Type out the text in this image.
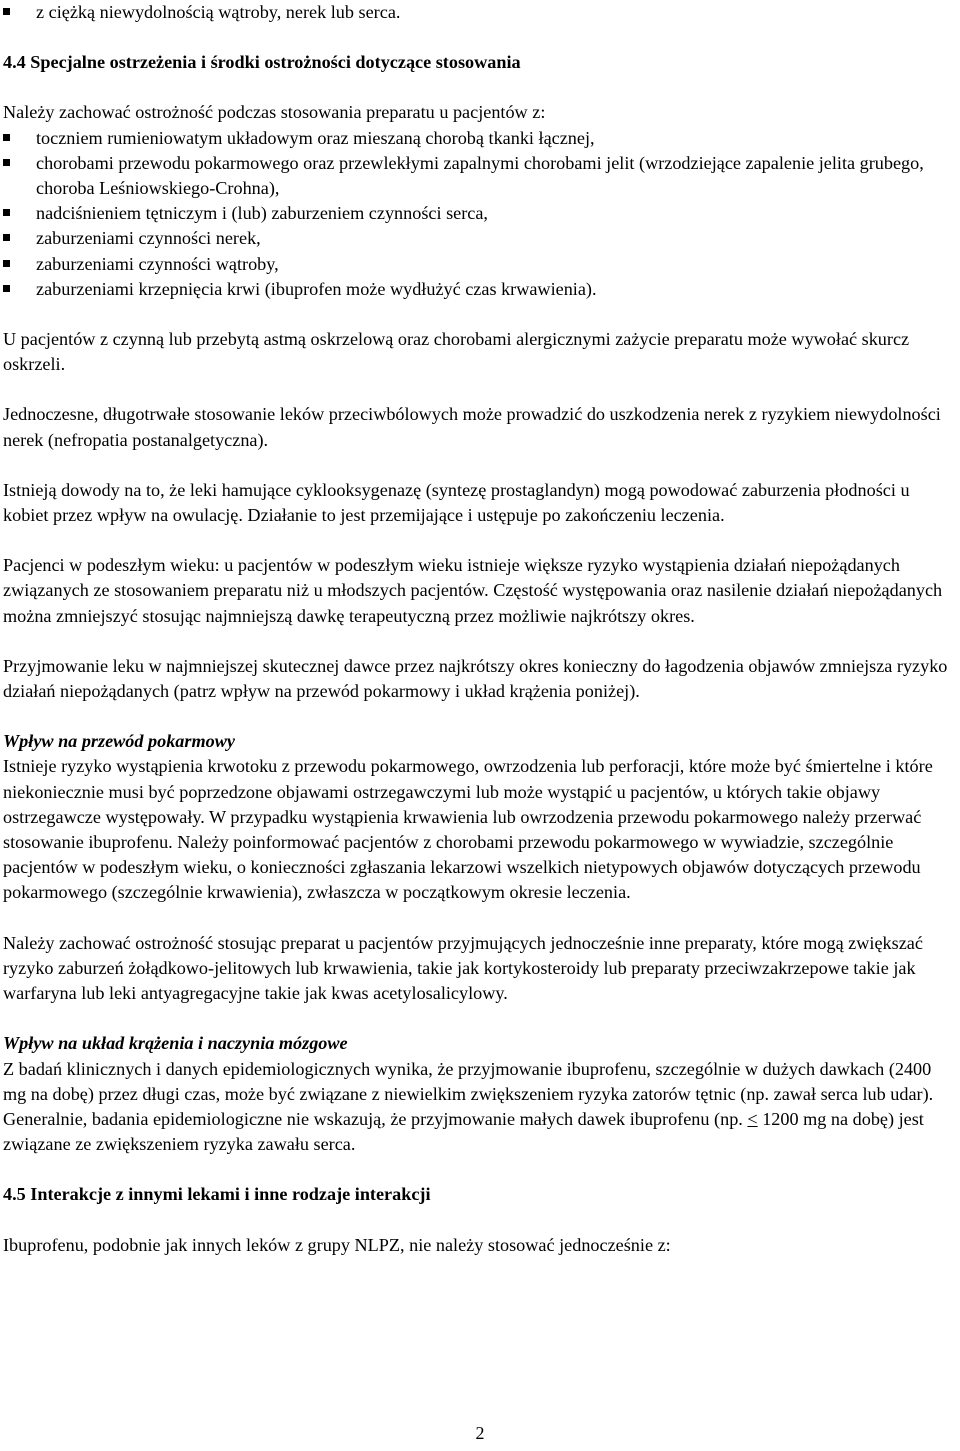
z ciężką niewydolnością wątroby, nerek lub serca.

4.4 Specjalne ostrzeżenia i środki ostrożności dotyczące stosowania

Należy zachować ostrożność podczas stosowania preparatu u pacjentów z:

toczniem rumieniowatym układowym oraz mieszaną chorobą tkanki łącznej,
chorobami przewodu pokarmowego oraz przewlekłymi zapalnymi chorobami jelit (wrzodziejące zapalenie jelita grubego, choroba Leśniowskiego-Crohna),
nadciśnieniem tętniczym i (lub) zaburzeniem czynności serca,
zaburzeniami czynności nerek,
zaburzeniami czynności wątroby,
zaburzeniami krzepnięcia krwi (ibuprofen może wydłużyć czas krwawienia).

U pacjentów z czynną lub przebytą astmą oskrzelową oraz chorobami alergicznymi zażycie preparatu może wywołać skurcz oskrzeli.

Jednoczesne, długotrwałe stosowanie leków przeciwbólowych może prowadzić do uszkodzenia nerek z ryzykiem niewydolności nerek (nefropatia postanalgetyczna).

Istnieją dowody na to, że leki hamujące cyklooksygenazę (syntezę prostaglandyn) mogą powodować zaburzenia płodności u kobiet przez wpływ na owulację. Działanie to jest przemijające i ustępuje po zakończeniu leczenia.

Pacjenci w podeszłym wieku: u pacjentów w podeszłym wieku istnieje większe ryzyko wystąpienia działań niepożądanych związanych ze stosowaniem preparatu niż u młodszych pacjentów. Częstość występowania oraz nasilenie działań niepożądanych można zmniejszyć stosując najmniejszą dawkę terapeutyczną przez możliwie najkrótszy okres.

Przyjmowanie leku w najmniejszej skutecznej dawce przez najkrótszy okres konieczny do łagodzenia objawów zmniejsza ryzyko działań niepożądanych (patrz wpływ na przewód pokarmowy i układ krążenia poniżej).

Wpływ na przewód pokarmowy

Istnieje ryzyko wystąpienia krwotoku z przewodu pokarmowego, owrzodzenia lub perforacji, które może być śmiertelne i które niekoniecznie musi być poprzedzone objawami ostrzegawczymi lub może wystąpić u pacjentów, u których takie objawy ostrzegawcze występowały. W przypadku wystąpienia krwawienia lub owrzodzenia przewodu pokarmowego należy przerwać stosowanie ibuprofenu. Należy poinformować pacjentów z chorobami przewodu pokarmowego w wywiadzie, szczególnie pacjentów w podeszłym wieku, o konieczności zgłaszania lekarzowi wszelkich nietypowych objawów dotyczących przewodu pokarmowego (szczególnie krwawienia), zwłaszcza w początkowym okresie leczenia.

Należy zachować ostrożność stosując preparat u pacjentów przyjmujących jednocześnie inne preparaty, które mogą zwiększać ryzyko zaburzeń żołądkowo-jelitowych lub krwawienia, takie jak kortykosteroidy lub preparaty przeciwzakrzepowe takie jak warfaryna lub leki antyagregacyjne takie jak kwas acetylosalicylowy.

Wpływ na układ krążenia i naczynia mózgowe

Z badań klinicznych i danych epidemiologicznych wynika, że przyjmowanie ibuprofenu, szczególnie w dużych dawkach (2400 mg na dobę) przez długi czas, może być związane z niewielkim zwiększeniem ryzyka zatorów tętnic (np. zawał serca lub udar). Generalnie, badania epidemiologiczne nie wskazują, że przyjmowanie małych dawek ibuprofenu (np. < 1200 mg na dobę) jest związane ze zwiększeniem ryzyka zawału serca.

4.5 Interakcje z innymi lekami i inne rodzaje interakcji

Ibuprofenu, podobnie jak innych leków z grupy NLPZ, nie należy stosować jednocześnie z:

2
